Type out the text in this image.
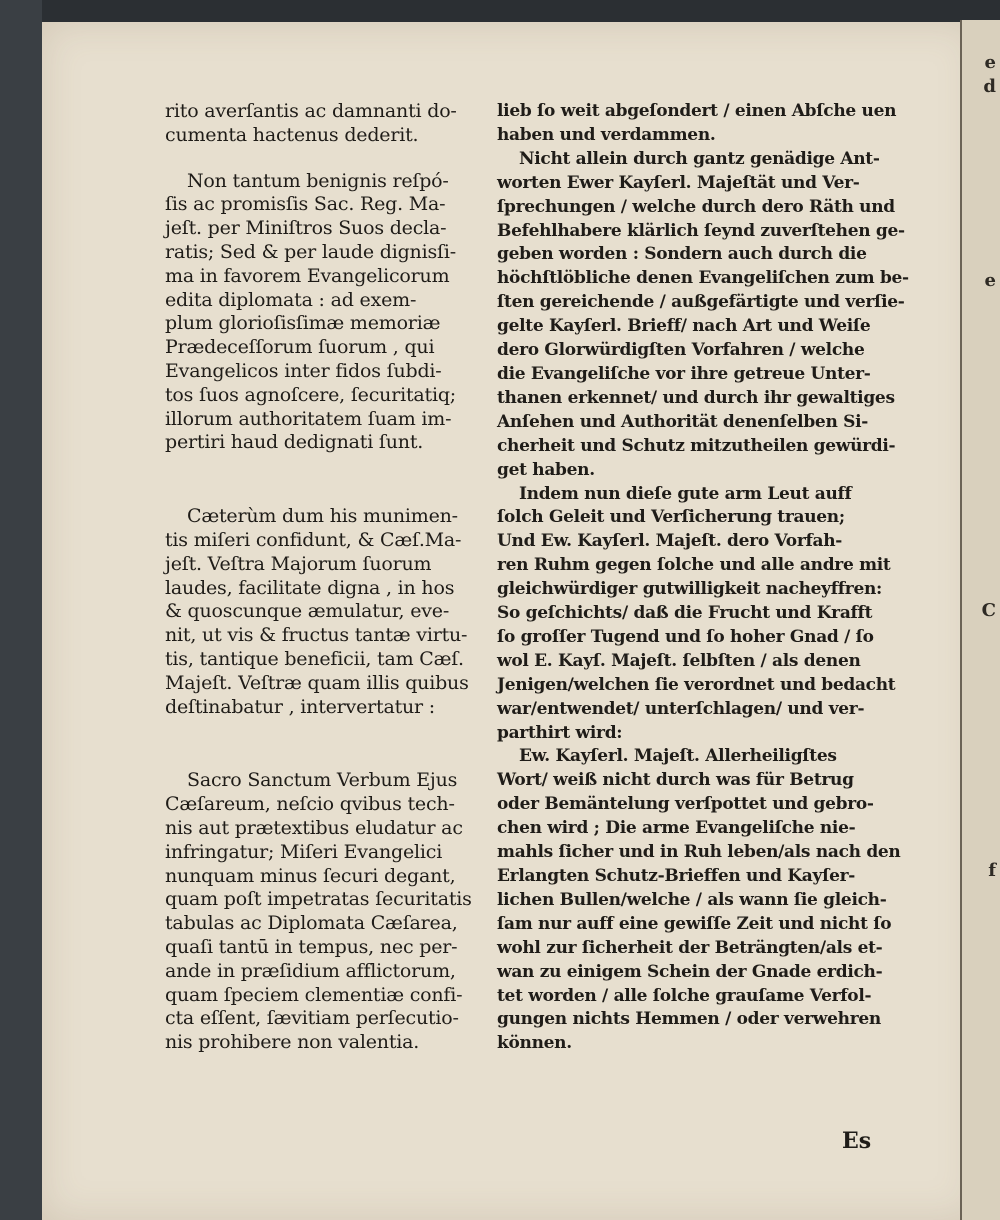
e
d
e
C
f
rito averſantis ac damnanti do-
cumenta hactenus dederit.
Non tantum benignis reſpó-
ſis ac promisſis Sac. Reg. Ma-
jeſt. per Miniſtros Suos decla-
ratis; Sed & per laude dignisſi-
ma in favorem Evangelicorum
edita diplomata : ad exem-
plum glorioſisſimæ memoriæ
Prædeceſſorum ſuorum , qui
Evangelicos inter fidos ſubdi-
tos ſuos agnoſcere, ſecuritatiq;
illorum authoritatem ſuam im-
pertiri haud dedignati ſunt.
Cæterùm dum his munimen-
tis miſeri confidunt, & Cæſ.Ma-
jeſt. Veſtra Majorum ſuorum
laudes, facilitate digna , in hos
& quoscunque æmulatur, eve-
nit, ut vis & fructus tantæ virtu-
tis, tantique beneficii, tam Cæſ.
Majeſt. Veſtræ quam illis quibus
deſtinabatur , intervertatur :
Sacro Sanctum Verbum Ejus
Cæſareum, neſcio qvibus tech-
nis aut prætextibus eludatur ac
infringatur; Miſeri Evangelici
nunquam minus ſecuri degant,
quam poſt impetratas ſecuritatis
tabulas ac Diplomata Cæſarea,
quaſi tantū in tempus, nec per-
ande in præſidium afflictorum,
quam ſpeciem clementiæ confi-
cta eſſent, ſævitiam perſecutio-
nis prohibere non valentia.
lieb ſo weit abgeſondert / einen Abſche uen
haben und verdammen.
Nicht allein durch gantz genädige Ant-
worten Ewer Kayſerl. Majeſtät und Ver-
ſprechungen / welche durch dero Räth und
Befehlhabere klärlich ſeynd zuverſtehen ge-
geben worden : Sondern auch durch die
höchſtlöbliche denen Evangeliſchen zum be-
ſten gereichende / außgefärtigte und verſie-
gelte Kayſerl. Brieff/ nach Art und Weiſe
dero Glorwürdigſten Vorfahren / welche
die Evangeliſche vor ihre getreue Unter-
thanen erkennet/ und durch ihr gewaltiges
Anſehen und Authorität denenſelben Si-
cherheit und Schutz mitzutheilen gewürdi-
get haben.
Indem nun dieſe gute arm Leut auff
ſolch Geleit und Verſicherung trauen;
Und Ew. Kayſerl. Majeſt. dero Vorfah-
ren Ruhm gegen ſolche und alle andre mit
gleichwürdiger gutwilligkeit nacheyffren:
So geſchichts/ daß die Frucht und Krafft
ſo groſſer Tugend und ſo hoher Gnad / ſo
wol E. Kayſ. Majeſt. ſelbſten / als denen
Jenigen/welchen ſie verordnet und bedacht
war/entwendet/ unterſchlagen/ und ver-
parthirt wird:
Ew. Kayſerl. Majeſt. Allerheiligſtes
Wort/ weiß nicht durch was für Betrug
oder Bemäntelung verſpottet und gebro-
chen wird ; Die arme Evangeliſche nie-
mahls ſicher und in Ruh leben/als nach den
Erlangten Schutz-Brieffen und Kayſer-
lichen Bullen/welche / als wann ſie gleich-
ſam nur auff eine gewiſſe Zeit und nicht ſo
wohl zur ſicherheit der Beträngten/als et-
wan zu einigem Schein der Gnade erdich-
tet worden / alle ſolche grauſame Verfol-
gungen nichts Hemmen / oder verwehren
können.
Es
